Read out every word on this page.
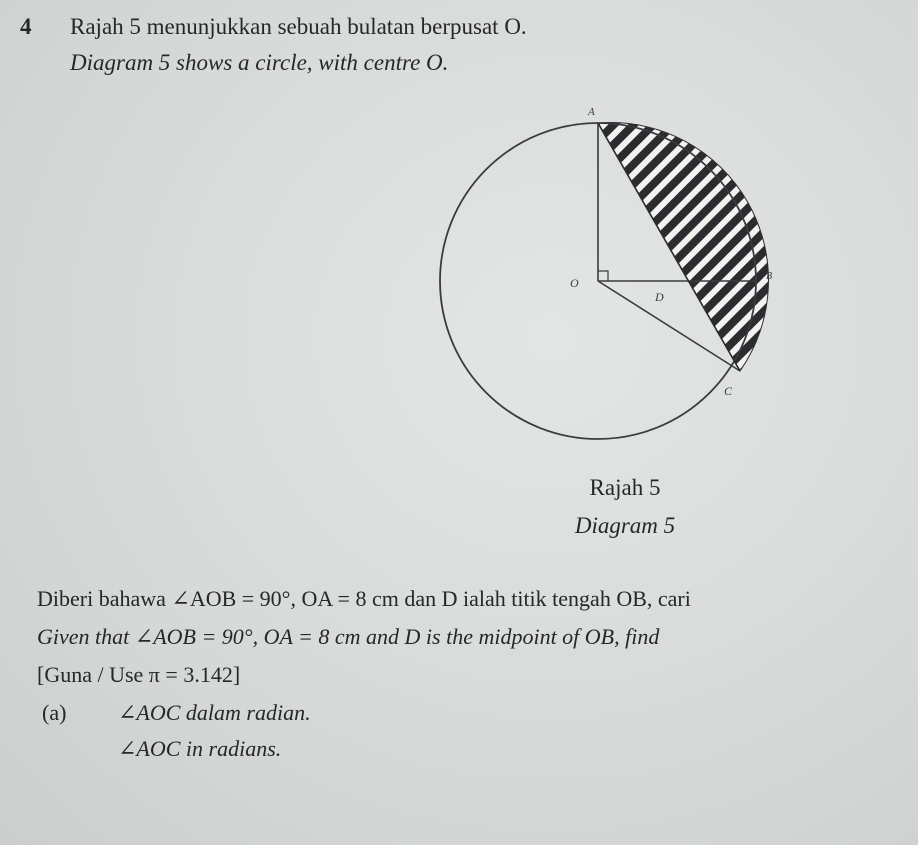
4 Rajah 5 menunjukkan sebuah bulatan berpusat O.
Diagram 5 shows a circle, with centre O.
A
O	B
D
C
Rajah 5
Diagram 5
Diberi bahawa ∠AOB = 90°, OA = 8 cm dan D ialah titik tengah OB, cari
Given that ∠AOB = 90°, OA = 8 cm and D is the midpoint of OB, find
[Guna / Use π = 3.142]
(a) ∠AOC dalam radian.
∠AOC in radians.
